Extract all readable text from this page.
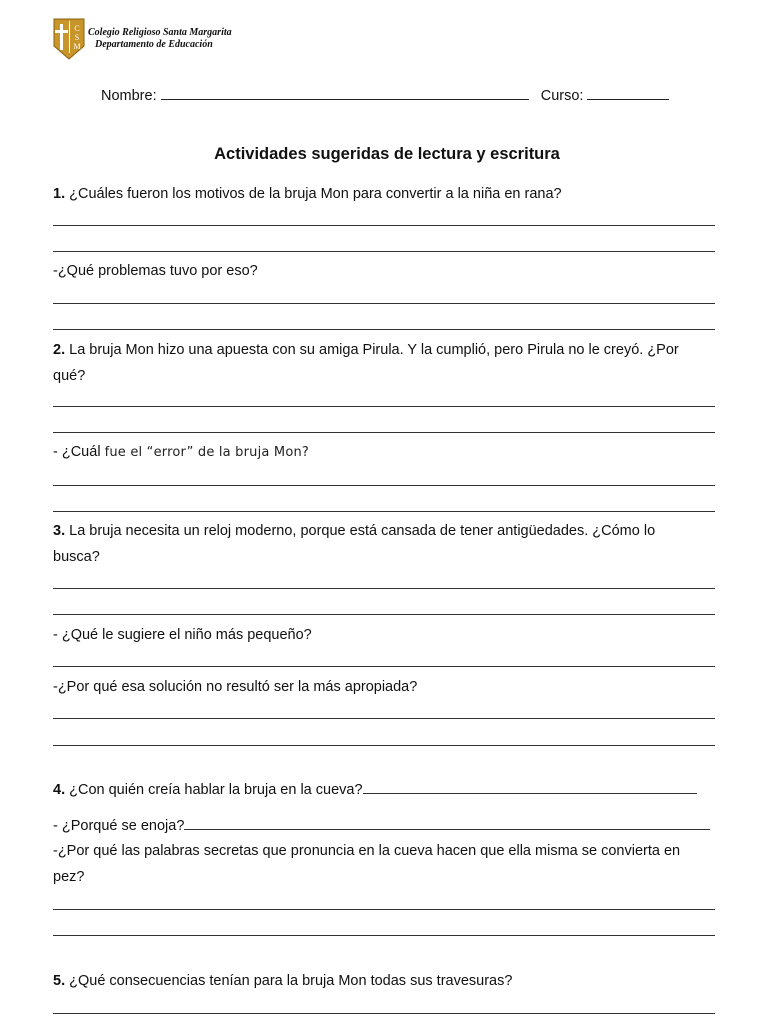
C
S
M
Colegio Religioso Santa Margarita
Departamento de Educación
Nombre:	Curso:
Actividades sugeridas de lectura y escritura
1. ¿Cuáles fueron los motivos de la bruja Mon para convertir a la niña en rana?
-¿Qué problemas tuvo por eso?
2. La bruja Mon hizo una apuesta con su amiga Pirula. Y la cumplió, pero Pirula no le creyó. ¿Por
qué?
- ¿Cuál fue el “error” de la bruja Mon?
3. La bruja necesita un reloj moderno, porque está cansada de tener antigüedades. ¿Cómo lo
busca?
- ¿Qué le sugiere el niño más pequeño?
-¿Por qué esa solución no resultó ser la más apropiada?
4. ¿Con quién creía hablar la bruja en la cueva?
- ¿Porqué se enoja?
-¿Por qué las palabras secretas que pronuncia en la cueva hacen que ella misma se convierta en
pez?
5. ¿Qué consecuencias tenían para la bruja Mon todas sus travesuras?
